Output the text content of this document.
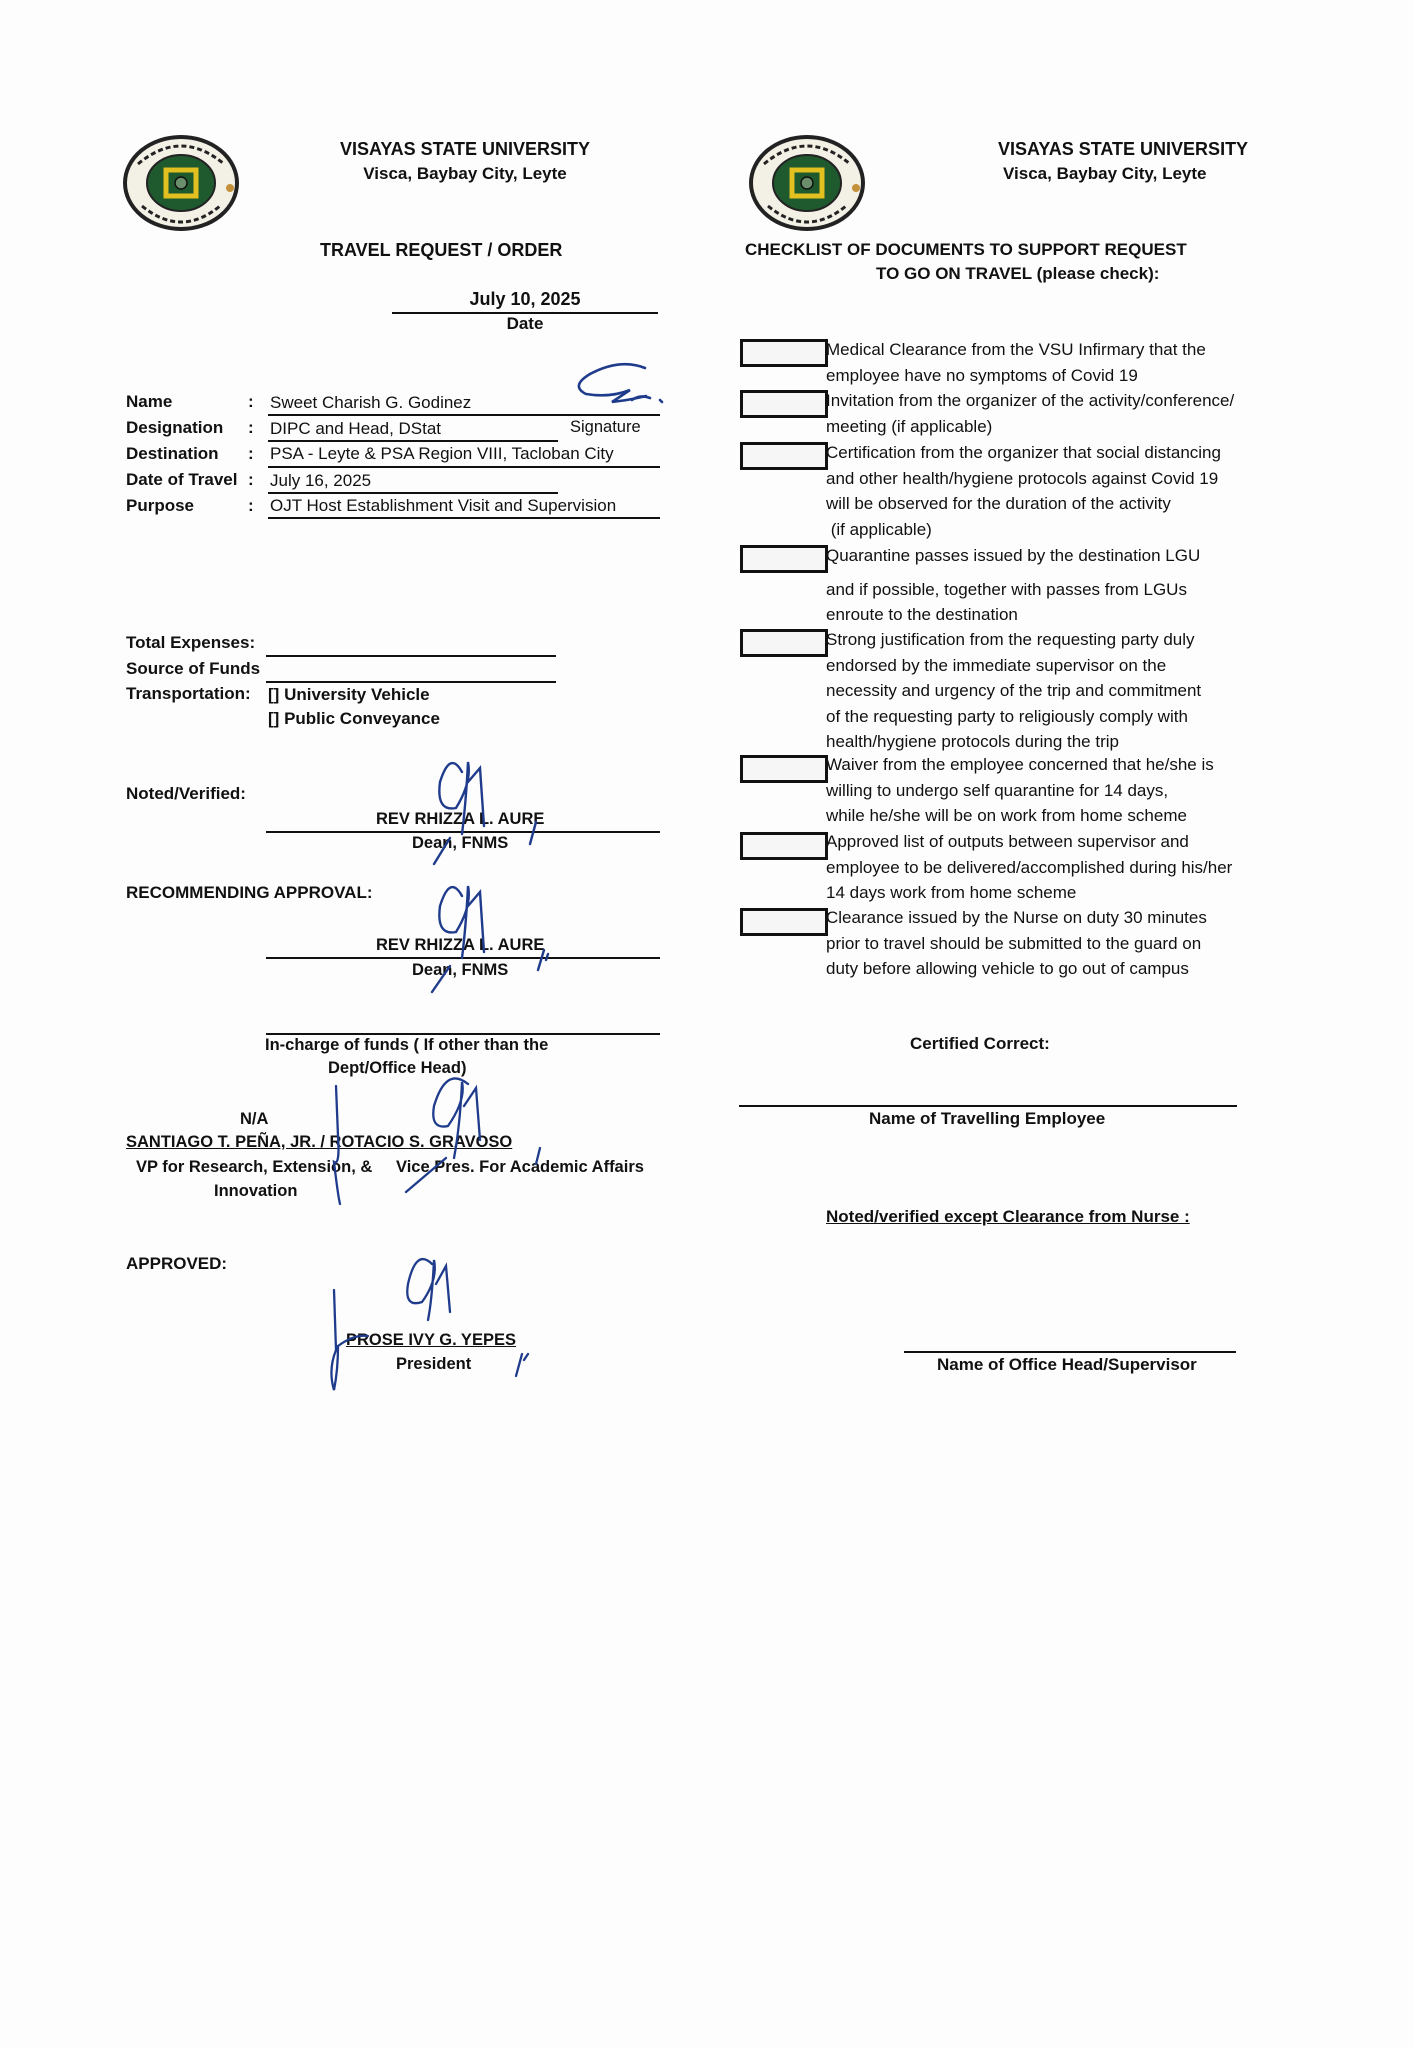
VISAYAS STATE UNIVERSITY
Visca, Baybay City, Leyte
TRAVEL REQUEST / ORDER
July 10, 2025
Date
Name	: Sweet Charish G. Godinez
Designation : DIPC and Head, DStat	Signature
Destination : PSA - Leyte & PSA Region VIII, Tacloban City
Date of Travel : July 16, 2025
Purpose	: OJT Host Establishment Visit and Supervision
Total Expenses:
Source of Funds
Transportation: [] University Vehicle
[] Public Conveyance
Noted/Verified:
REV RHIZZA L. AURE
Dean, FNMS
RECOMMENDING APPROVAL:
REV RHIZZA L. AURE
Dean, FNMS
In-charge of funds ( If other than the
Dept/Office Head)
N/A
SANTIAGO T. PEÑA, JR. / ROTACIO S. GRAVOSO
VP for Research, Extension, &
Innovation
Vice Pres. For Academic Affairs
APPROVED:
PROSE IVY G. YEPES
President
VISAYAS STATE UNIVERSITY
Visca, Baybay City, Leyte
CHECKLIST OF DOCUMENTS TO SUPPORT REQUEST
TO GO ON TRAVEL (please check):
Medical Clearance from the VSU Infirmary that the
employee have no symptoms of Covid 19
Invitation from the organizer of the activity/conference/
meeting (if applicable)
Certification from the organizer that social distancing
and other health/hygiene protocols against Covid 19
will be observed for the duration of the activity
(if applicable)
Quarantine passes issued by the destination LGU
and if possible, together with passes from LGUs
enroute to the destination
Strong justification from the requesting party duly
endorsed by the immediate supervisor on the
necessity and urgency of the trip and commitment
of the requesting party to religiously comply with
health/hygiene protocols during the trip
Waiver from the employee concerned that he/she is
willing to undergo self quarantine for 14 days,
while he/she will be on work from home scheme
Approved list of outputs between supervisor and
employee to be delivered/accomplished during his/her
14 days work from home scheme
Clearance issued by the Nurse on duty 30 minutes
prior to travel should be submitted to the guard on
duty before allowing vehicle to go out of campus
Certified Correct:
Name of Travelling Employee
Noted/verified except Clearance from Nurse :
Name of Office Head/Supervisor
